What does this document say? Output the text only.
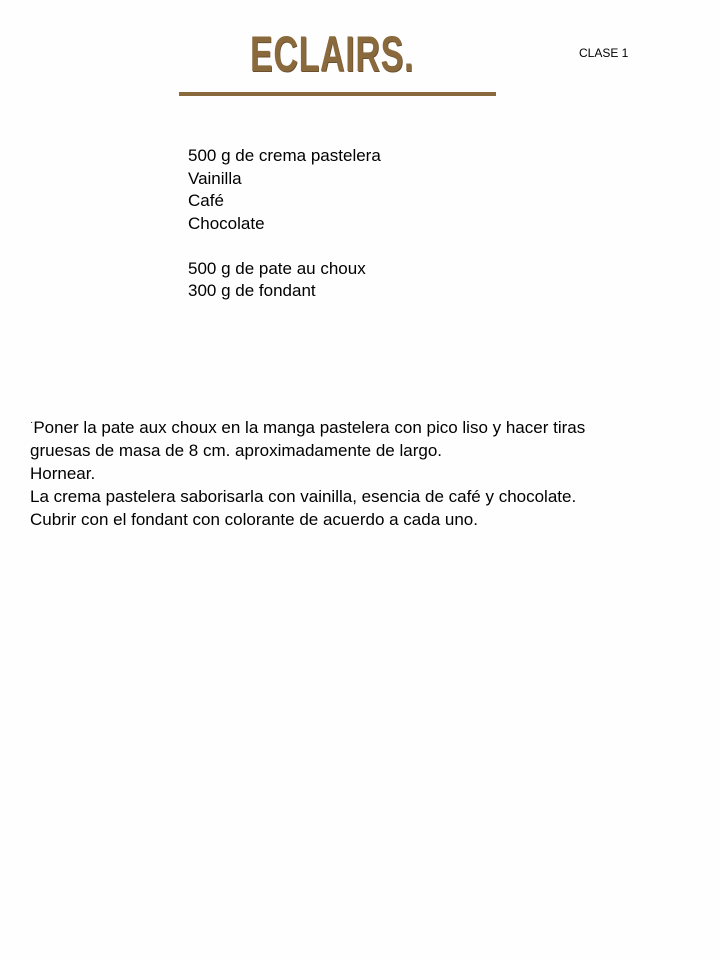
ECLAIRS.	CLASE 1
500 g de crema pastelera
Vainilla
Café
Chocolate
500 g de pate au choux
300 g de fondant
·Poner la pate aux choux en la manga pastelera con pico liso y hacer tiras
gruesas de masa de 8 cm. aproximadamente de largo.
Hornear.
La crema pastelera saborisarla con vainilla, esencia de café y chocolate.
Cubrir con el fondant con colorante de acuerdo a cada uno.
